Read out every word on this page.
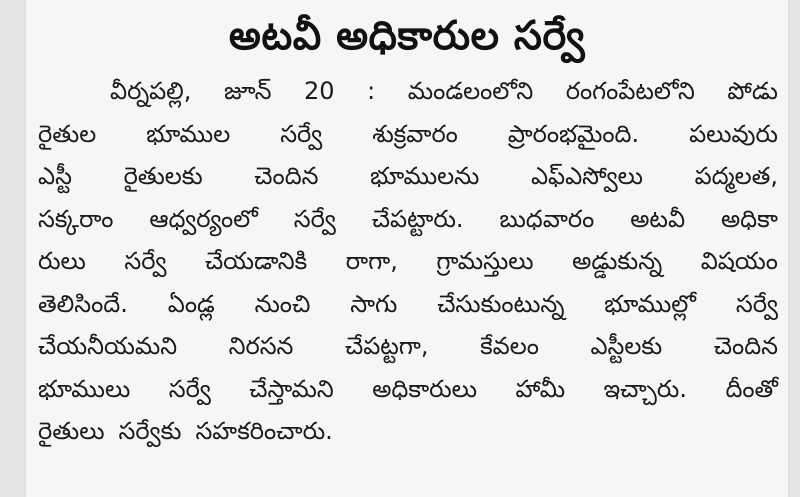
అటవీ అధికారుల సర్వే
వీర్నపల్లి, జూన్ 20 : మండలంలోని రంగంపేటలోని పోడు
రైతుల భూముల సర్వే శుక్రవారం ప్రారంభమైంది. పలువురు
ఎస్టీ రైతులకు చెందిన భూములను ఎఫ్ఎస్వోలు పద్మలత,
సక్కరాం ఆధ్వర్యంలో సర్వే చేపట్టారు. బుధవారం అటవీ అధికా
రులు సర్వే చేయడానికి రాగా, గ్రామస్తులు అడ్డుకున్న విషయం
తెలిసిందే. ఏండ్ల నుంచి సాగు చేసుకుంటున్న భూముల్లో సర్వే
చేయనీయమని నిరసన చేపట్టగా, కేవలం ఎస్టీలకు చెందిన
భూములు సర్వే చేస్తామని అధికారులు హామీ ఇచ్చారు. దీంతో
రైతులు సర్వేకు సహకరించారు.
